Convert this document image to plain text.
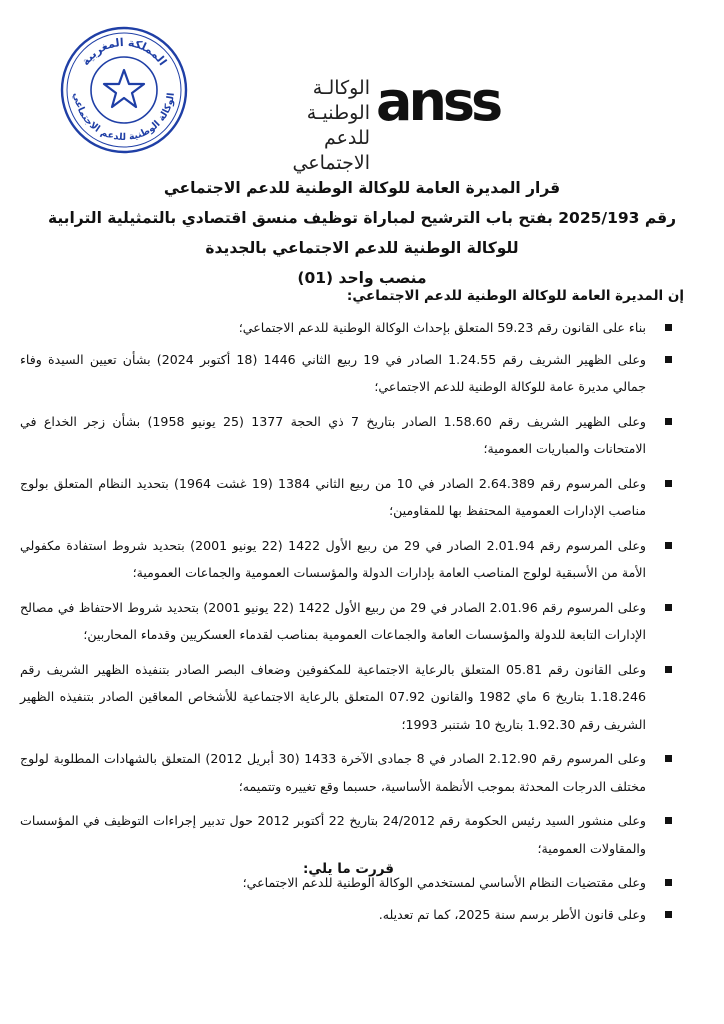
المملكة المغربية
الوكالة الوطنية للدعم الاجتماعي	الوكالـة الوطنيـة
للدعم الاجتماعي
anss
قرار المديرة العامة للوكالة الوطنية للدعم الاجتماعي
رقم 2025/193 بفتح باب الترشيح لمباراة توظيف منسق اقتصادي بالتمثيلية الترابية
للوكالة الوطنية للدعم الاجتماعي بالجديدة
منصب واحد (01)
إن المديرة العامة للوكالة الوطنية للدعم الاجتماعي:
بناء على القانون رقم 59.23 المتعلق بإحداث الوكالة الوطنية للدعم الاجتماعي؛
وعلى الظهير الشريف رقم 1.24.55 الصادر في 19 ربيع الثاني 1446 (18 أكتوبر 2024) بشأن تعيين السيدة وفاء جمالي مديرة عامة للوكالة الوطنية للدعم الاجتماعي؛
وعلى الظهير الشريف رقم 1.58.60 الصادر بتاريخ 7 ذي الحجة 1377 (25 يونيو 1958) بشأن زجر الخداع في الامتحانات والمباريات العمومية؛
وعلى المرسوم رقم 2.64.389 الصادر في 10 من ربيع الثاني 1384 (19 غشت 1964) بتحديد النظام المتعلق بولوج مناصب الإدارات العمومية المحتفظ بها للمقاومين؛
وعلى المرسوم رقم 2.01.94 الصادر في 29 من ربيع الأول 1422 (22 يونيو 2001) بتحديد شروط استفادة مكفولي الأمة من الأسبقية لولوج المناصب العامة بإدارات الدولة والمؤسسات العمومية والجماعات العمومية؛
وعلى المرسوم رقم 2.01.96 الصادر في 29 من ربيع الأول 1422 (22 يونيو 2001) بتحديد شروط الاحتفاظ في مصالح الإدارات التابعة للدولة والمؤسسات العامة والجماعات العمومية بمناصب لقدماء العسكريين وقدماء المحاربين؛
وعلى القانون رقم 05.81 المتعلق بالرعاية الاجتماعية للمكفوفين وضعاف البصر الصادر بتنفيذه الظهير الشريف رقم 1.18.246 بتاريخ 6 ماي 1982 والقانون 07.92 المتعلق بالرعاية الاجتماعية للأشخاص المعاقين الصادر بتنفيذه الظهير الشريف رقم 1.92.30 بتاريخ 10 شتنبر 1993؛
وعلى المرسوم رقم 2.12.90 الصادر في 8 جمادى الآخرة 1433 (30 أبريل 2012) المتعلق بالشهادات المطلوبة لولوج مختلف الدرجات المحدثة بموجب الأنظمة الأساسية، حسبما وقع تغييره وتتميمه؛
وعلى منشور السيد رئيس الحكومة رقم 24/2012 بتاريخ 22 أكتوبر 2012 حول تدبير إجراءات التوظيف في المؤسسات والمقاولات العمومية؛
وعلى مقتضيات النظام الأساسي لمستخدمي الوكالة الوطنية للدعم الاجتماعي؛
وعلى قانون الأطر برسم سنة 2025، كما تم تعديله.
قررت ما يلي:
